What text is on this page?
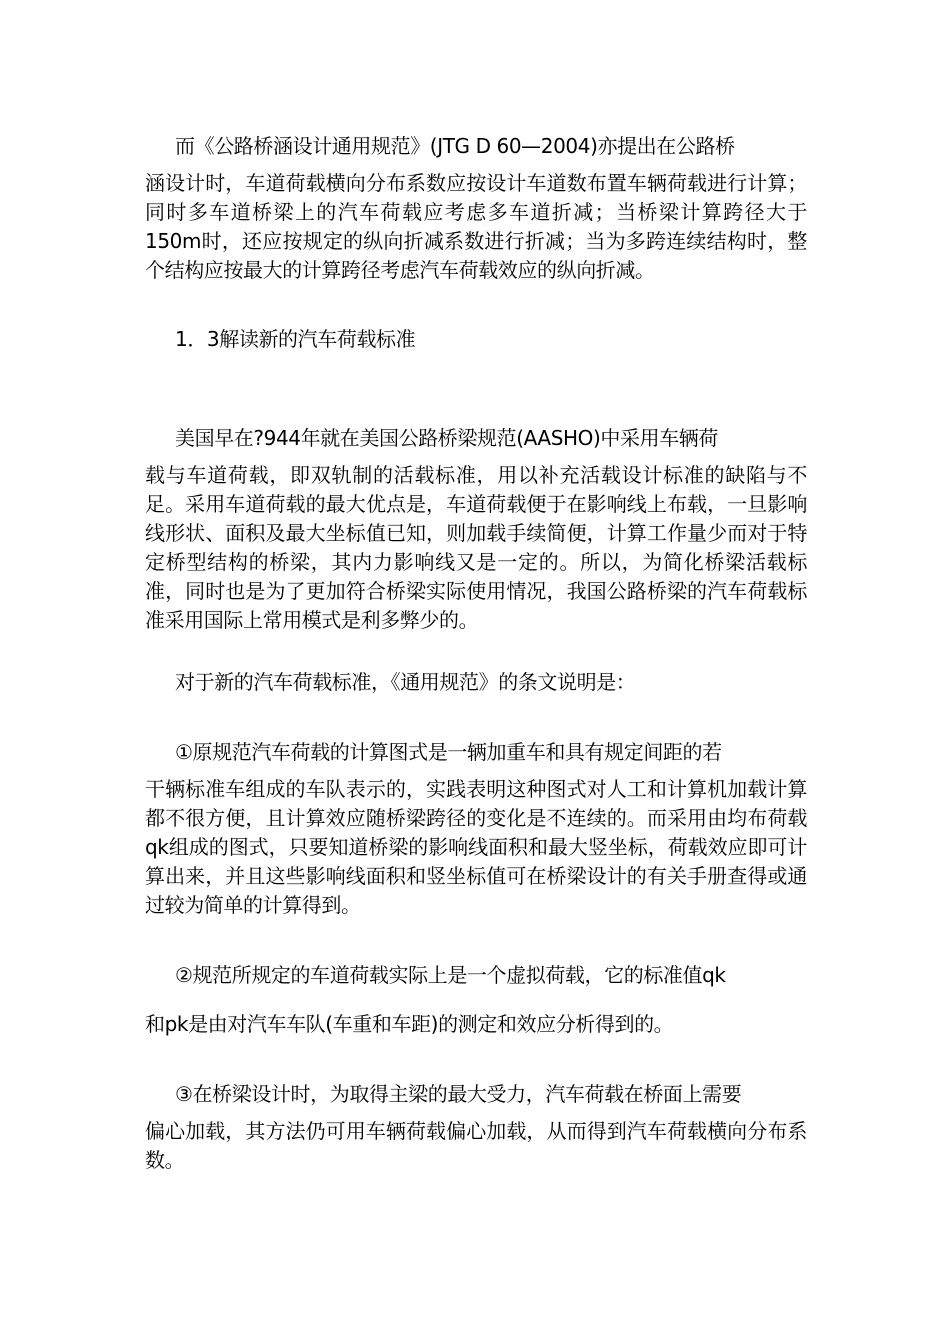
而《公路桥涵设计通用规范》(JTG D 60—2004)亦提出在公路桥
涵设计时，车道荷载横向分布系数应按设计车道数布置车辆荷载进行计算；同时多车道桥梁上的汽车荷载应考虑多车道折减；当桥梁计算跨径大于150m时，还应按规定的纵向折减系数进行折减；当为多跨连续结构时，整个结构应按最大的计算跨径考虑汽车荷载效应的纵向折减。

1．3解读新的汽车荷载标准

美国早在?944年就在美国公路桥梁规范(AASHO)中采用车辆荷
载与车道荷载，即双轨制的活载标准，用以补充活载设计标准的缺陷与不足。采用车道荷载的最大优点是，车道荷载便于在影响线上布载，一旦影响线形状、面积及最大坐标值已知，则加载手续简便，计算工作量少而对于特定桥型结构的桥梁，其内力影响线又是一定的。所以，为简化桥梁活载标准，同时也是为了更加符合桥梁实际使用情况，我国公路桥梁的汽车荷载标准采用国际上常用模式是利多弊少的。

对于新的汽车荷载标准，《通用规范》的条文说明是：

①原规范汽车荷载的计算图式是一辆加重车和具有规定间距的若
干辆标准车组成的车队表示的，实践表明这种图式对人工和计算机加载计算都不很方便，且计算效应随桥梁跨径的变化是不连续的。而采用由均布荷载qk组成的图式，只要知道桥梁的影响线面积和最大竖坐标，荷载效应即可计算出来，并且这些影响线面积和竖坐标值可在桥梁设计的有关手册查得或通过较为简单的计算得到。

②规范所规定的车道荷载实际上是一个虚拟荷载，它的标准值qk
和pk是由对汽车车队(车重和车距)的测定和效应分析得到的。

③在桥梁设计时，为取得主梁的最大受力，汽车荷载在桥面上需要
偏心加载，其方法仍可用车辆荷载偏心加载，从而得到汽车荷载横向分布系数。
